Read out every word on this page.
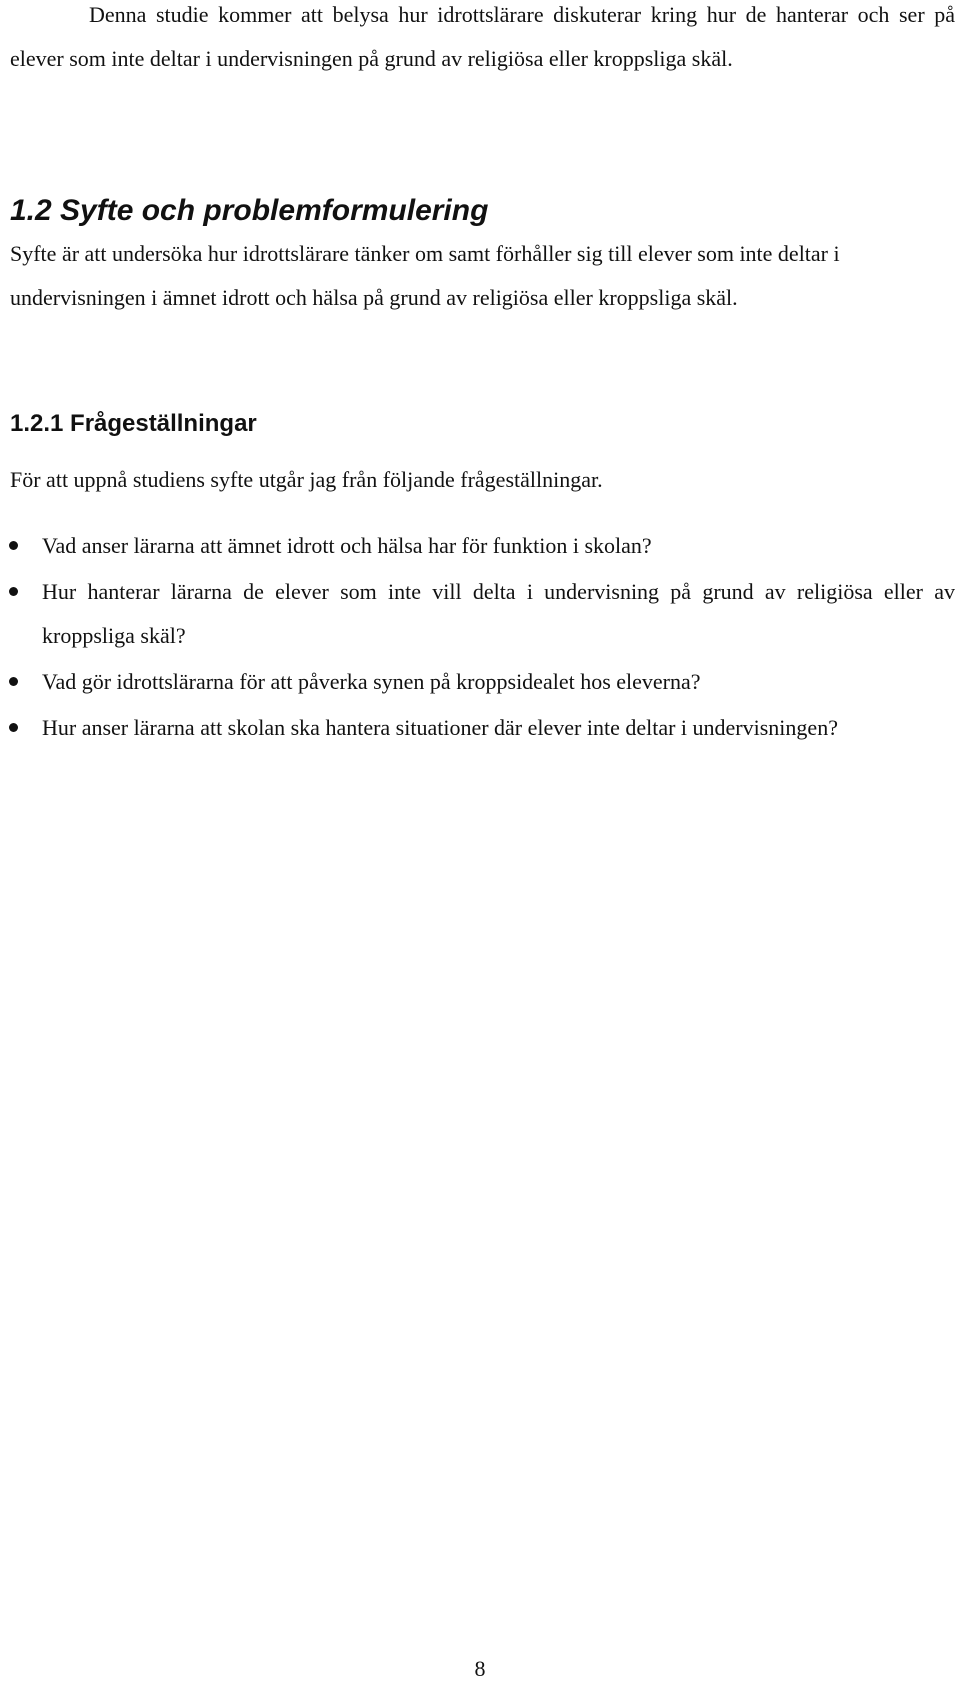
Denna studie kommer att belysa hur idrottslärare diskuterar kring hur de hanterar och ser på elever som inte deltar i undervisningen på grund av religiösa eller kroppsliga skäl.

1.2 Syfte och problemformulering

Syfte är att undersöka hur idrottslärare tänker om samt förhåller sig till elever som inte deltar i undervisningen i ämnet idrott och hälsa på grund av religiösa eller kroppsliga skäl.

1.2.1 Frågeställningar

För att uppnå studiens syfte utgår jag från följande frågeställningar.

Vad anser lärarna att ämnet idrott och hälsa har för funktion i skolan?
Hur hanterar lärarna de elever som inte vill delta i undervisning på grund av religiösa eller av kroppsliga skäl?
Vad gör idrottslärarna för att påverka synen på kroppsidealet hos eleverna?
Hur anser lärarna att skolan ska hantera situationer där elever inte deltar i undervisningen?

8
